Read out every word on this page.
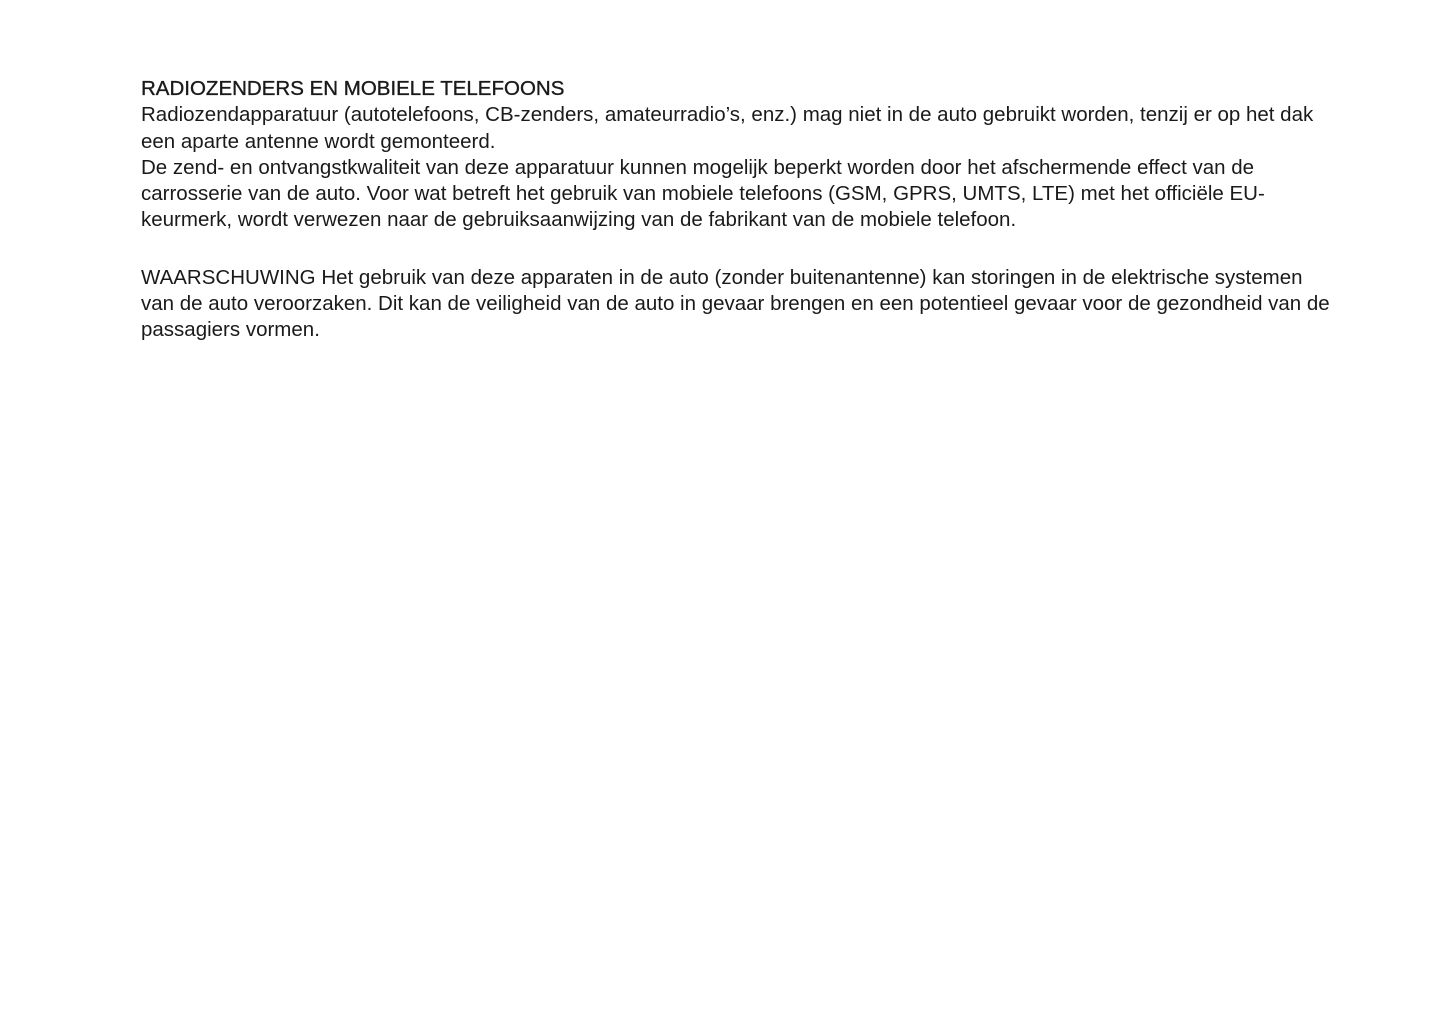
RADIOZENDERS EN MOBIELE TELEFOONS

Radiozendapparatuur (autotelefoons, CB-zenders, amateurradio’s, enz.) mag niet in de auto gebruikt worden, tenzij er op het dak een aparte antenne wordt gemonteerd.

De zend- en ontvangstkwaliteit van deze apparatuur kunnen mogelijk beperkt worden door het afschermende effect van de carrosserie van de auto. Voor wat betreft het gebruik van mobiele telefoons (GSM, GPRS, UMTS, LTE) met het officiële EU-keurmerk, wordt verwezen naar de gebruiksaanwijzing van de fabrikant van de mobiele telefoon.

WAARSCHUWING Het gebruik van deze apparaten in de auto (zonder buitenantenne) kan storingen in de elektrische systemen van de auto veroorzaken. Dit kan de veiligheid van de auto in gevaar brengen en een potentieel gevaar voor de gezondheid van de passagiers vormen.
